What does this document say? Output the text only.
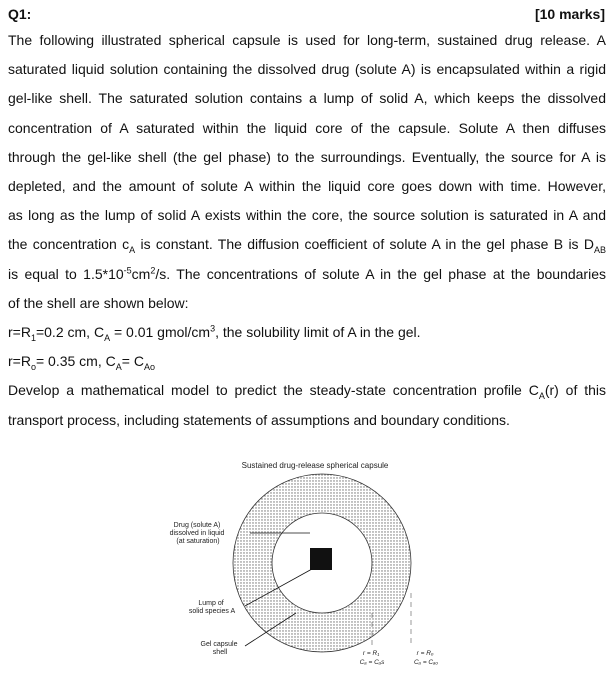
Q1:	[10 marks]
The following illustrated spherical capsule is used for long-term, sustained drug release. A
saturated liquid solution containing the dissolved drug (solute A) is encapsulated within a rigid
gel-like shell. The saturated solution contains a lump of solid A, which keeps the dissolved
concentration of A saturated within the liquid core of the capsule. Solute A then diffuses
through the gel-like shell (the gel phase) to the surroundings. Eventually, the source for A is
depleted, and the amount of solute A within the liquid core goes down with time. However,
as long as the lump of solid A exists within the core, the source solution is saturated in A and
the concentration $c_A$ is constant. The diffusion coefficient of solute A in the gel phase B is $D_{AB}$
is equal to $1.5*10^{-5}cm^2/s$. The concentrations of solute A in the gel phase at the boundaries
of the shell are shown below:
$r=R_1=0.2$ cm, $C_A = 0.01$ gmol/$cm^3$, the solubility limit of A in the gel.
$r=R_o= 0.35$ cm, $C_A= C_{Ao}$
Develop a mathematical model to predict the steady-state concentration profile $C_A(r)$ of this
transport process, including statements of assumptions and boundary conditions.
Sustained drug-release spherical capsule
Drug (solute A) dissolved in liquid (at saturation)
Lump of solid species A
Gel capsule shell	r = R₁ Cₐ = Cₐs
r = Rₒ Cₐ = Cₐₒ
